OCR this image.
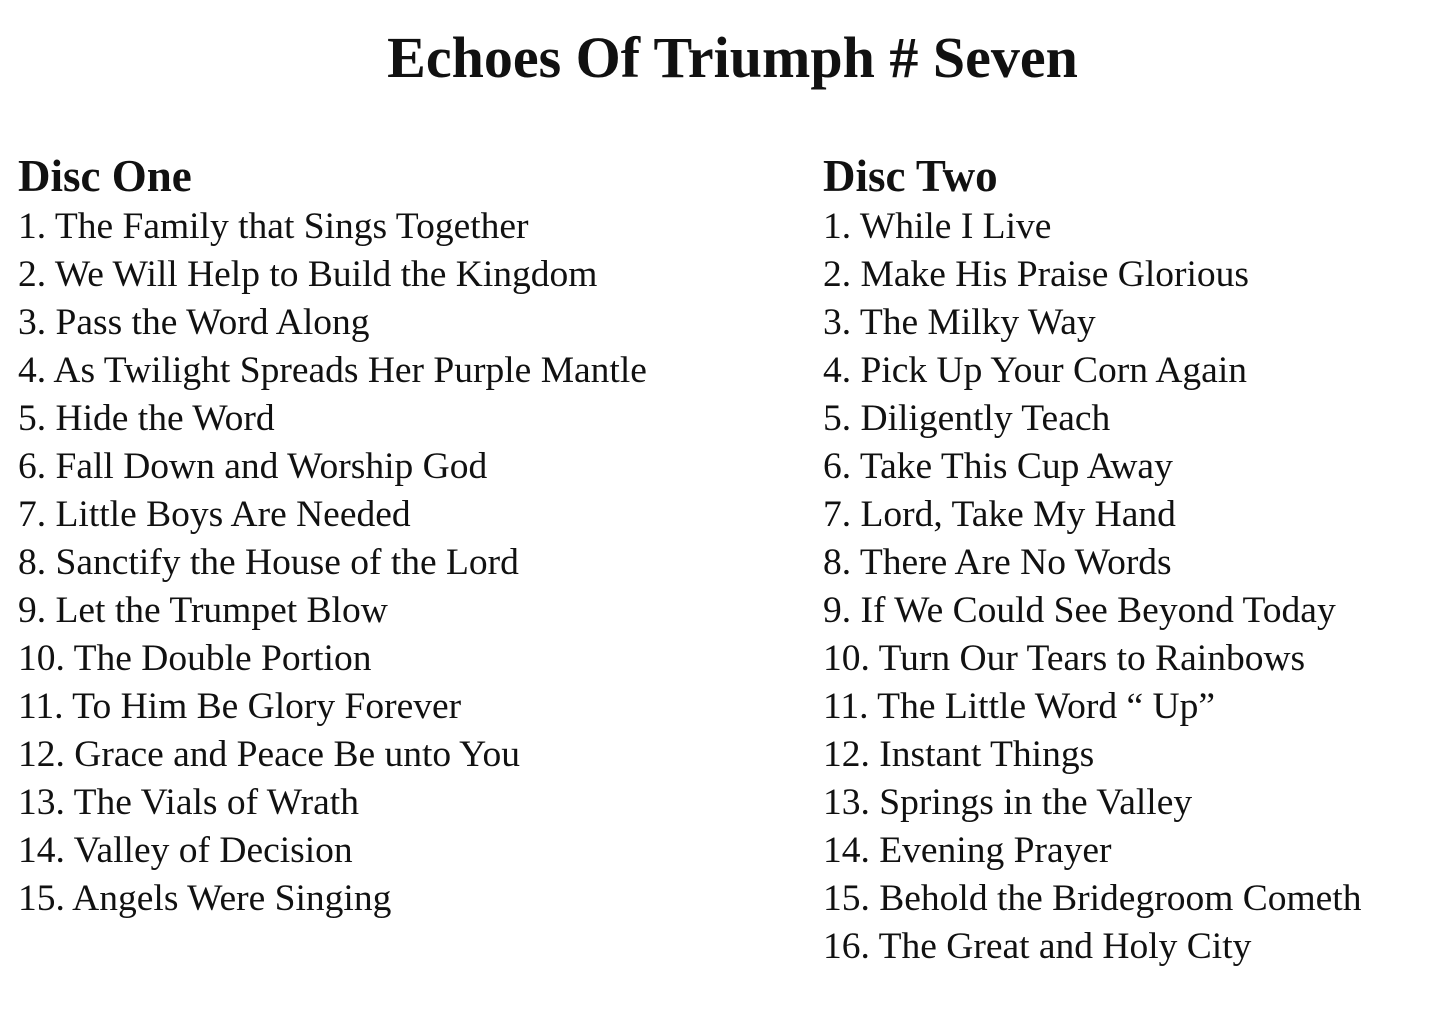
Echoes Of Triumph # Seven
Disc One
1. The Family that Sings Together
2. We Will Help to Build the Kingdom
3. Pass the Word Along
4. As Twilight Spreads Her Purple Mantle
5. Hide the Word
6. Fall Down and Worship God
7. Little Boys Are Needed
8. Sanctify the House of the Lord
9. Let the Trumpet Blow
10. The Double Portion
11. To Him Be Glory Forever
12. Grace and Peace Be unto You
13. The Vials of Wrath
14. Valley of Decision
15. Angels Were Singing
Disc Two
1. While I Live
2. Make His Praise Glorious
3. The Milky Way
4. Pick Up Your Corn Again
5. Diligently Teach
6. Take This Cup Away
7. Lord, Take My Hand
8. There Are No Words
9. If We Could See Beyond Today
10. Turn Our Tears to Rainbows
11. The Little Word “ Up”
12. Instant Things
13. Springs in the Valley
14. Evening Prayer
15. Behold the Bridegroom Cometh
16. The Great and Holy City
